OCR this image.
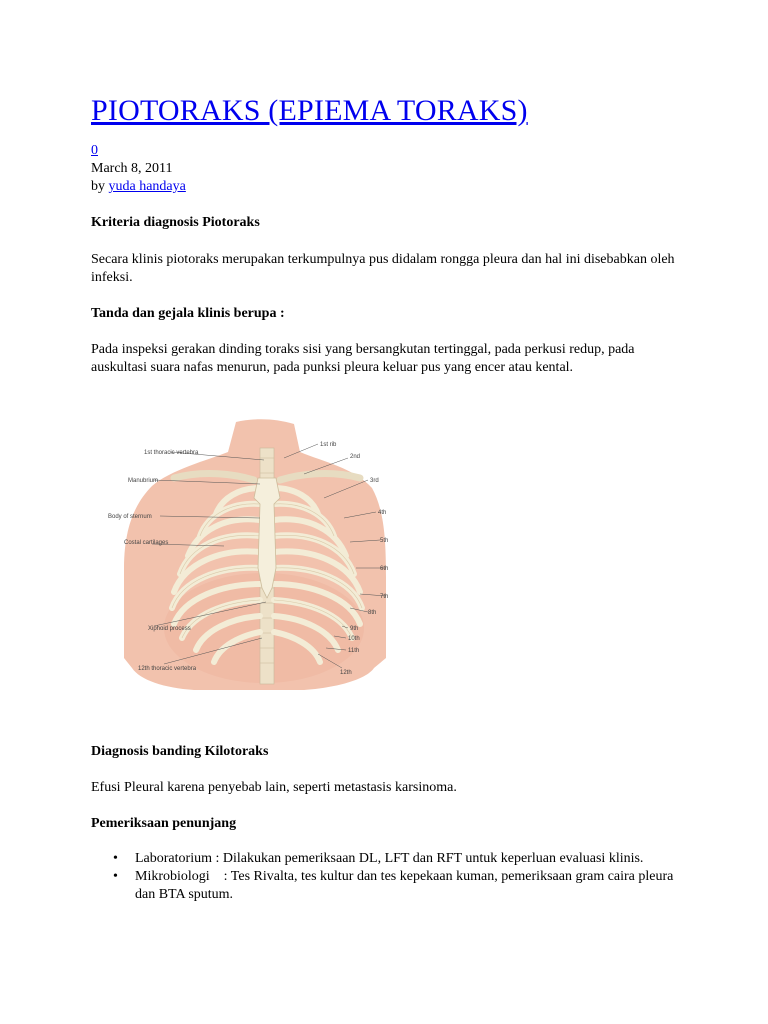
PIOTORAKS (EPIEMA TORAKS)
0
March 8, 2011
by yuda handaya

Kriteria diagnosis Piotoraks

Secara klinis piotoraks merupakan terkumpulnya pus didalam rongga pleura dan hal ini disebabkan oleh infeksi.

Tanda dan gejala klinis berupa :

Pada inspeksi gerakan dinding toraks sisi yang bersangkutan tertinggal, pada perkusi redup, pada auskultasi suara nafas menurun, pada punksi pleura keluar pus yang encer atau kental.

1st thoracic vertebra
Manubrium
Body of sternum
Costal cartilages
Xiphoid process
12th thoracic vertebra
1st rib
2nd
3rd
4th
5th
6th
7th
8th
9th
10th
11th
12th

Diagnosis banding Kilotoraks

Efusi Pleural karena penyebab lain, seperti metastasis karsinoma.

Pemeriksaan penunjang

• Laboratorium : Dilakukan pemeriksaan DL, LFT dan RFT untuk keperluan evaluasi klinis.
• Mikrobiologi    : Tes Rivalta, tes kultur dan tes kepekaan kuman, pemeriksaan gram caira pleura dan BTA sputum.
